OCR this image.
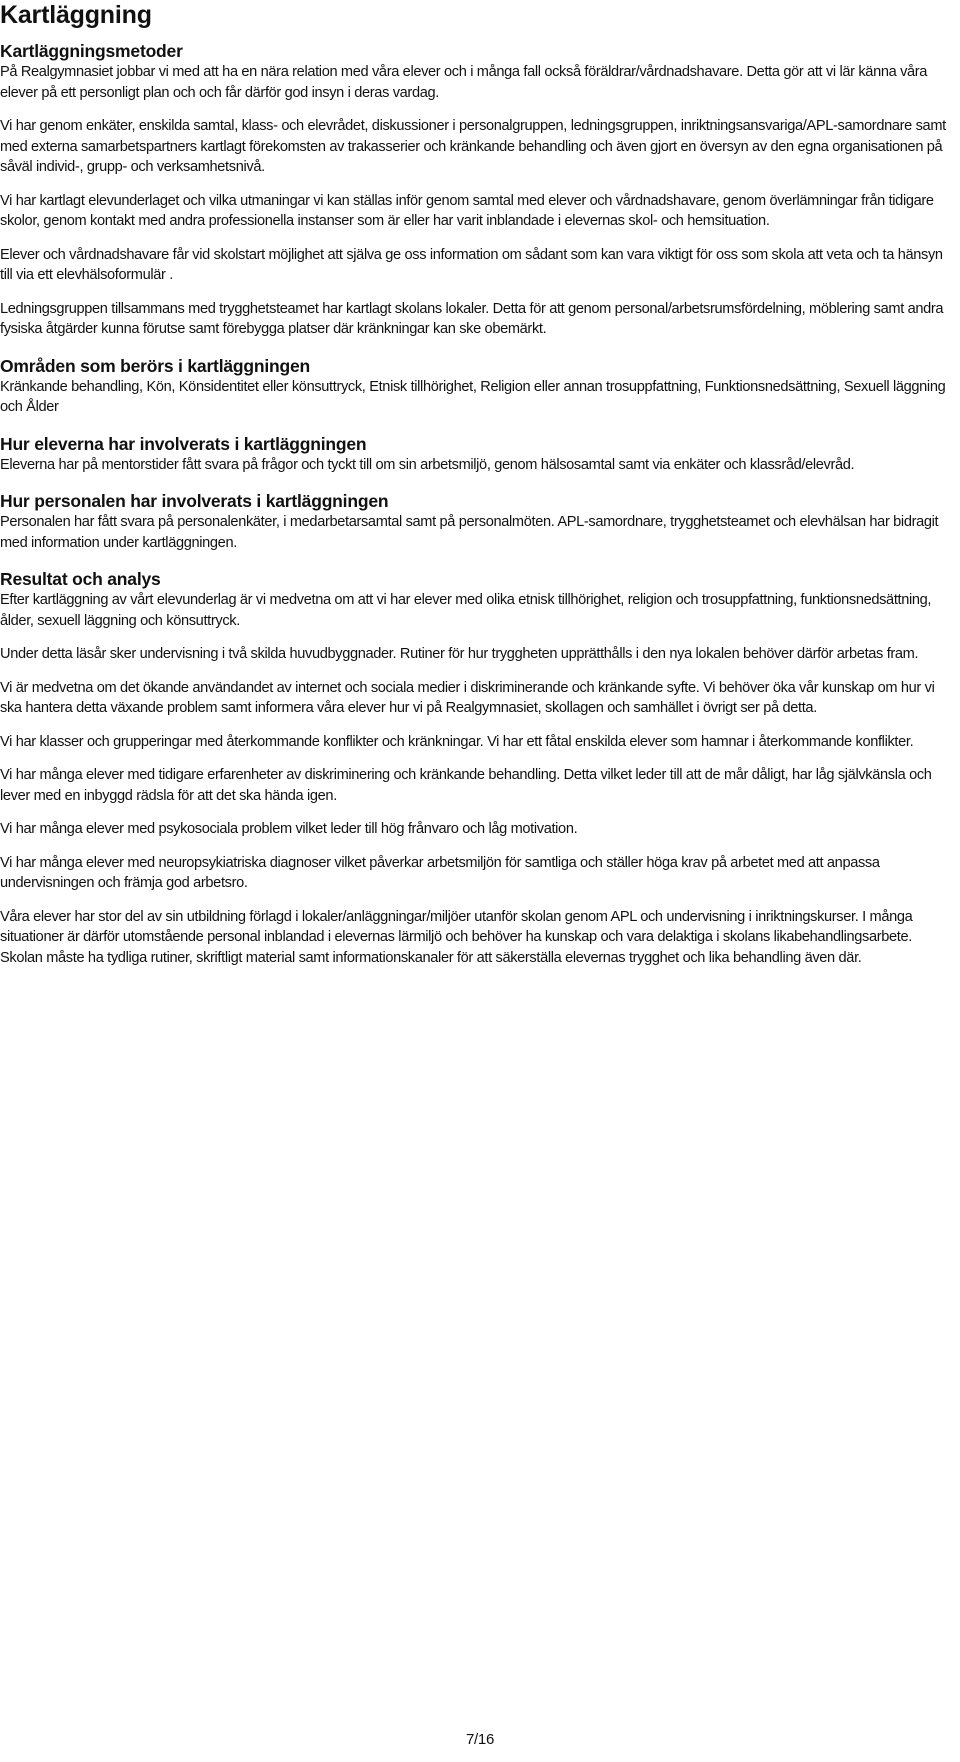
Kartläggning
Kartläggningsmetoder

På Realgymnasiet jobbar vi med att ha en nära relation med våra elever och i många fall också föräldrar/vårdnadshavare. Detta gör att vi lär känna våra elever på ett personligt plan och och får därför god insyn i deras vardag.

Vi har genom enkäter, enskilda samtal, klass- och elevrådet, diskussioner i personalgruppen, ledningsgruppen, inriktningsansvariga/APL-samordnare samt med externa samarbetspartners kartlagt förekomsten av trakasserier och kränkande behandling och även gjort en översyn av den egna organisationen på såväl individ-, grupp- och verksamhetsnivå.

Vi har kartlagt elevunderlaget och vilka utmaningar vi kan ställas inför genom samtal med elever och vårdnadshavare, genom överlämningar från tidigare skolor, genom kontakt med andra professionella instanser som är eller har varit inblandade i elevernas skol- och hemsituation.

Elever och vårdnadshavare får vid skolstart möjlighet att själva ge oss information om sådant som kan vara viktigt för oss som skola att veta och ta hänsyn till via ett elevhälsoformulär .

Ledningsgruppen tillsammans med trygghetsteamet har kartlagt skolans lokaler. Detta för att genom personal/arbetsrumsfördelning, möblering samt andra fysiska åtgärder kunna förutse samt förebygga platser där kränkningar kan ske obemärkt.

Områden som berörs i kartläggningen

Kränkande behandling, Kön, Könsidentitet eller könsuttryck, Etnisk tillhörighet, Religion eller annan trosuppfattning, Funktionsnedsättning, Sexuell läggning och Ålder

Hur eleverna har involverats i kartläggningen

Eleverna har på mentorstider fått svara på frågor och tyckt till om sin arbetsmiljö, genom hälsosamtal samt via enkäter och klassråd/elevråd.

Hur personalen har involverats i kartläggningen

Personalen har fått svara på personalenkäter, i medarbetarsamtal samt på personalmöten. APL-samordnare, trygghetsteamet och elevhälsan har bidragit med information under kartläggningen.

Resultat och analys

Efter kartläggning av vårt elevunderlag är vi medvetna om att vi har elever med olika etnisk tillhörighet, religion och trosuppfattning, funktionsnedsättning, ålder, sexuell läggning och könsuttryck.

Under detta läsår sker undervisning i två skilda huvudbyggnader. Rutiner för hur tryggheten upprätthålls i den nya lokalen behöver därför arbetas fram.

Vi är medvetna om det ökande användandet av internet och sociala medier i diskriminerande och kränkande syfte. Vi behöver öka vår kunskap om hur vi ska hantera detta växande problem samt informera våra elever hur vi på Realgymnasiet, skollagen och samhället i övrigt ser på detta.

Vi har klasser och grupperingar med återkommande konflikter och kränkningar. Vi har ett fåtal enskilda elever som hamnar i återkommande konflikter.

Vi har många elever med tidigare erfarenheter av diskriminering och kränkande behandling. Detta vilket leder till att de mår dåligt, har låg självkänsla och lever med en inbyggd rädsla för att det ska hända igen.

Vi har många elever med psykosociala problem vilket leder till hög frånvaro och låg motivation.

Vi har många elever med neuropsykiatriska diagnoser vilket påverkar arbetsmiljön för samtliga och ställer höga krav på arbetet med att anpassa undervisningen och främja god arbetsro.

Våra elever har stor del av sin utbildning förlagd i lokaler/anläggningar/miljöer utanför skolan genom APL och undervisning i inriktningskurser. I många situationer är därför utomstående personal inblandad i elevernas lärmiljö och behöver ha kunskap och vara delaktiga i skolans likabehandlingsarbete. Skolan måste ha tydliga rutiner, skriftligt material samt informationskanaler för att säkerställa elevernas trygghet och lika behandling även där.

7/16
